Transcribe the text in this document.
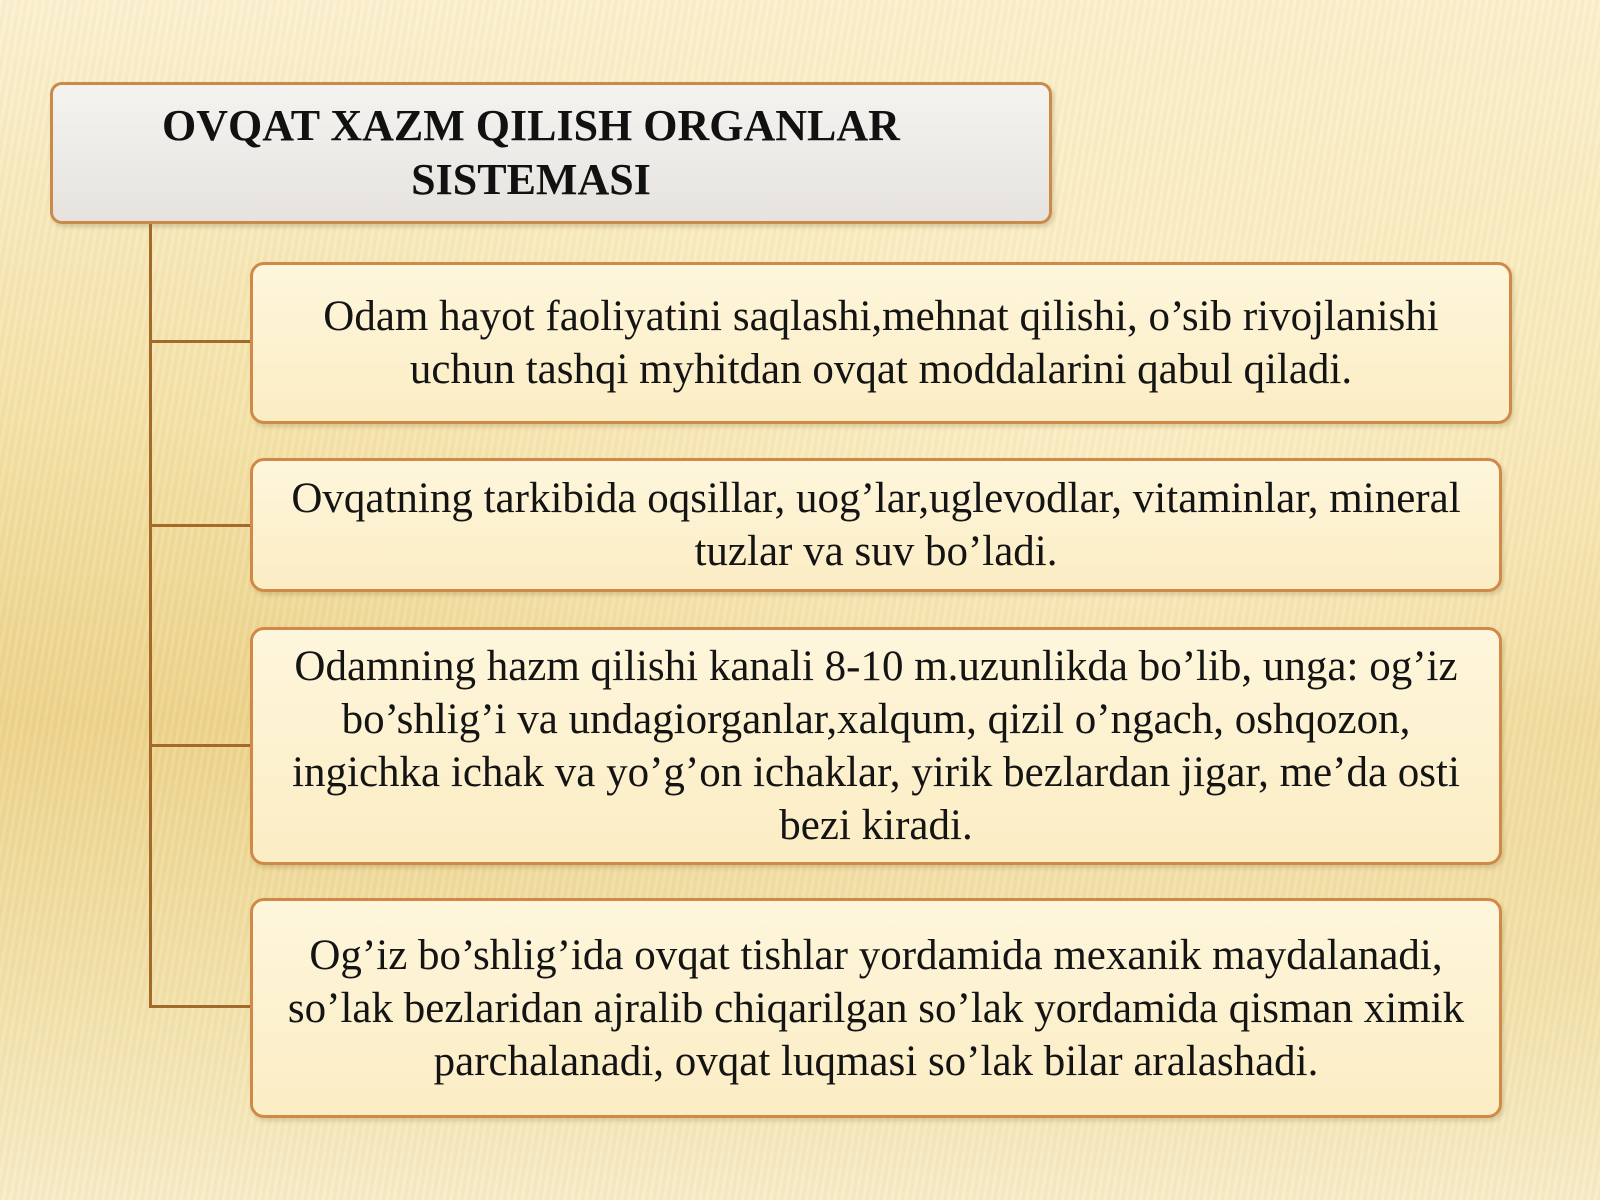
OVQAT XAZM QILISH ORGANLAR SISTEMASI
Odam hayot faoliyatini saqlashi,mehnat qilishi, o’sib rivojlanishi uchun tashqi myhitdan ovqat moddalarini qabul qiladi.
Ovqatning tarkibida oqsillar, uog’lar,uglevodlar, vitaminlar, mineral tuzlar va suv bo’ladi.
Odamning hazm qilishi kanali 8-10 m.uzunlikda bo’lib, unga: og’iz bo’shlig’i va undagiorganlar,xalqum, qizil o’ngach, oshqozon, ingichka ichak va yo’g’on ichaklar, yirik bezlardan jigar, me’da osti bezi kiradi.
Og’iz bo’shlig’ida ovqat tishlar yordamida mexanik maydalanadi, so’lak bezlaridan ajralib chiqarilgan so’lak yordamida qisman ximik parchalanadi, ovqat luqmasi so’lak bilar aralashadi.
